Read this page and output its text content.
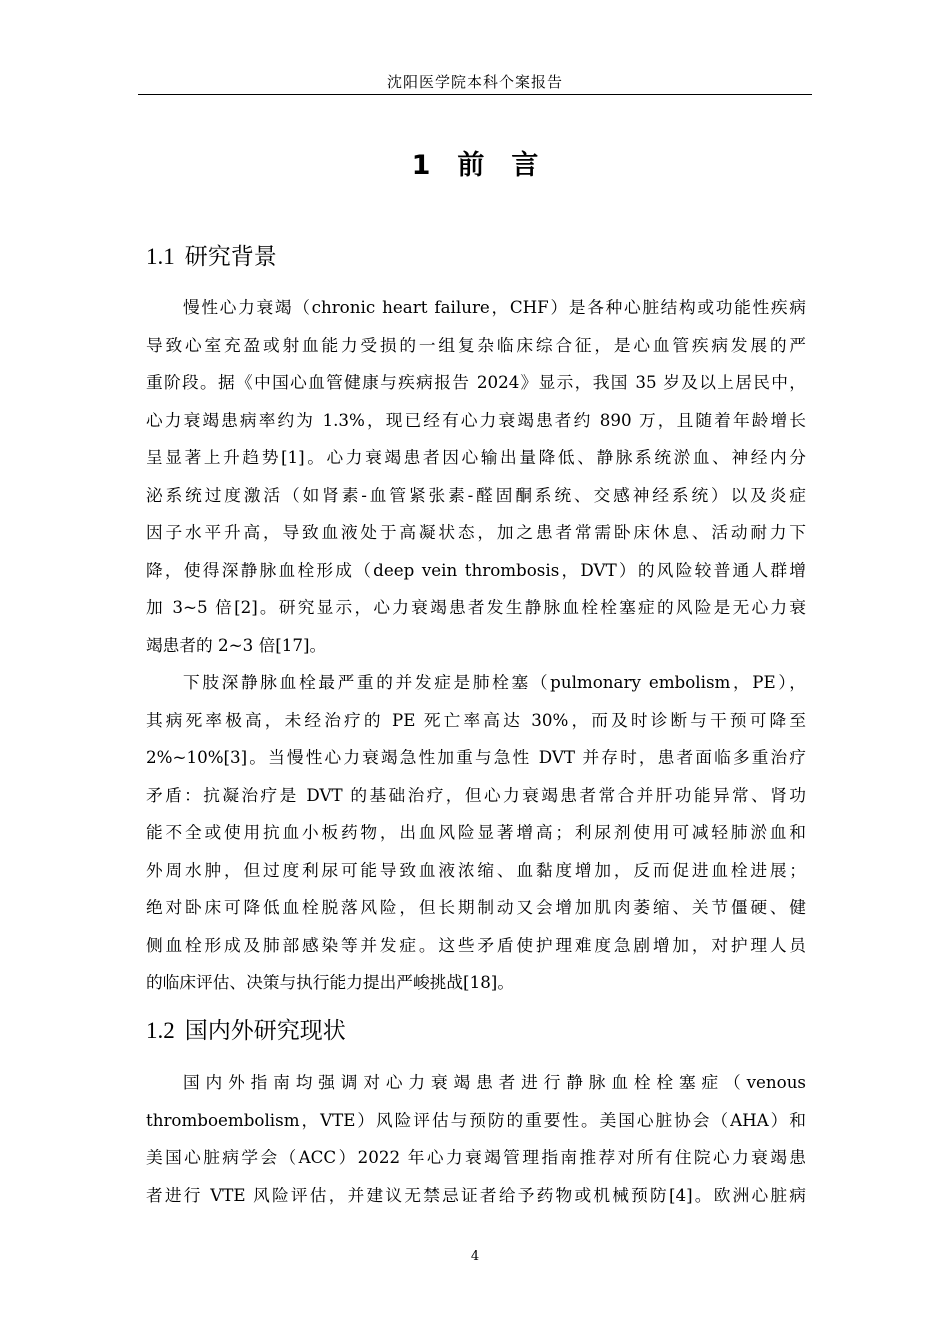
沈阳医学院本科个案报告
1　前　言
1.1 研究背景
慢性心力衰竭（chronic heart failure，CHF）是各种心脏结构或功能性疾病
导致心室充盈或射血能力受损的一组复杂临床综合征，是心血管疾病发展的严
重阶段。据《中国心血管健康与疾病报告 2024》显示，我国 35 岁及以上居民中，
心力衰竭患病率约为 1.3%，现已经有心力衰竭患者约 890 万，且随着年龄增长
呈显著上升趋势[1]。心力衰竭患者因心输出量降低、静脉系统淤血、神经内分
泌系统过度激活（如肾素-血管紧张素-醛固酮系统、交感神经系统）以及炎症
因子水平升高，导致血液处于高凝状态，加之患者常需卧床休息、活动耐力下
降，使得深静脉血栓形成（deep vein thrombosis，DVT）的风险较普通人群增
加 3~5 倍[2]。研究显示，心力衰竭患者发生静脉血栓栓塞症的风险是无心力衰
竭患者的 2~3 倍[17]。
下肢深静脉血栓最严重的并发症是肺栓塞（pulmonary embolism，PE），
其病死率极高，未经治疗的 PE 死亡率高达 30%，而及时诊断与干预可降至
2%~10%[3]。当慢性心力衰竭急性加重与急性 DVT 并存时，患者面临多重治疗
矛盾：抗凝治疗是 DVT 的基础治疗，但心力衰竭患者常合并肝功能异常、肾功
能不全或使用抗血小板药物，出血风险显著增高；利尿剂使用可减轻肺淤血和
外周水肿，但过度利尿可能导致血液浓缩、血黏度增加，反而促进血栓进展；
绝对卧床可降低血栓脱落风险，但长期制动又会增加肌肉萎缩、关节僵硬、健
侧血栓形成及肺部感染等并发症。这些矛盾使护理难度急剧增加，对护理人员
的临床评估、决策与执行能力提出严峻挑战[18]。
1.2 国内外研究现状
国内外指南均强调对心力衰竭患者进行静脉血栓栓塞症（venous
thromboembolism，VTE）风险评估与预防的重要性。美国心脏协会（AHA）和
美国心脏病学会（ACC）2022 年心力衰竭管理指南推荐对所有住院心力衰竭患
者进行 VTE 风险评估，并建议无禁忌证者给予药物或机械预防[4]。欧洲心脏病
4
